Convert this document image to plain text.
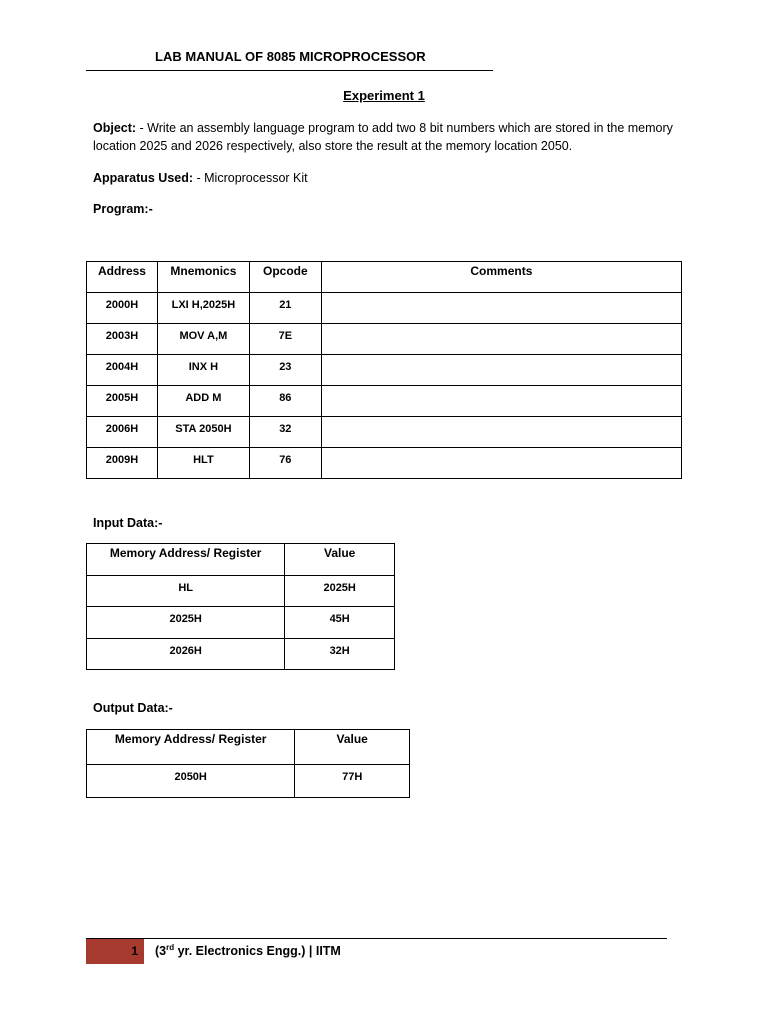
LAB MANUAL OF 8085 MICROPROCESSOR
Experiment 1
Object: - Write an assembly language program to add two 8 bit numbers which are stored in the memory location 2025 and 2026 respectively, also store the result at the memory location 2050.
Apparatus Used: - Microprocessor Kit
Program:-
Address	Mnemonics	Opcode	Comments
2000H	LXI H,2025H	21	
2003H	MOV A,M	7E	
2004H	INX H	23	
2005H	ADD M	86	
2006H	STA 2050H	32	
2009H	HLT	76	
Input Data:-
Memory Address/ Register	Value
HL	2025H
2025H	45H
2026H	32H
Output Data:-
Memory Address/ Register	Value
2050H	77H
1 (3rd yr. Electronics Engg.) | IITM
